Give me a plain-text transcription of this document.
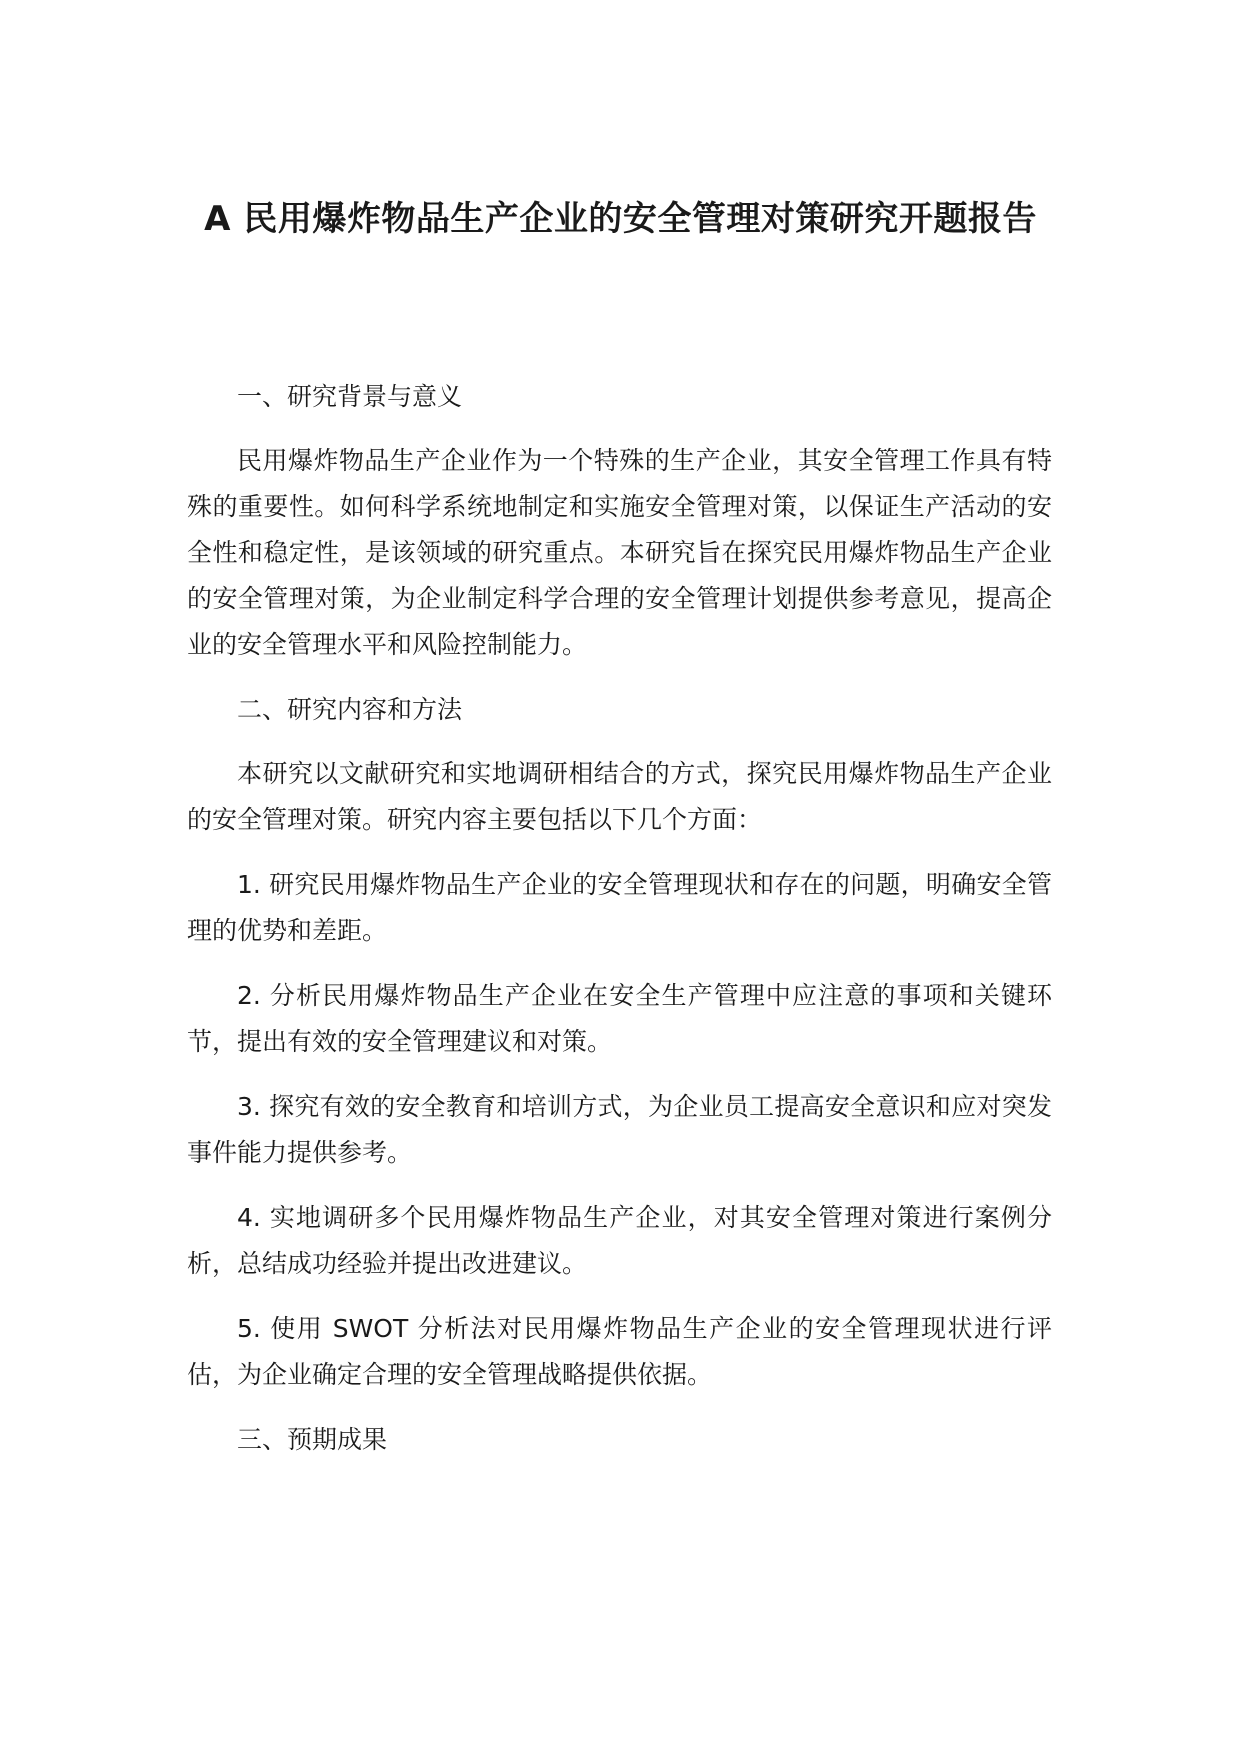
A 民用爆炸物品生产企业的安全管理对策研究开题报告

一、研究背景与意义

民用爆炸物品生产企业作为一个特殊的生产企业，其安全管理工作具有特殊的重要性。如何科学系统地制定和实施安全管理对策，以保证生产活动的安全性和稳定性，是该领域的研究重点。本研究旨在探究民用爆炸物品生产企业的安全管理对策，为企业制定科学合理的安全管理计划提供参考意见，提高企业的安全管理水平和风险控制能力。

二、研究内容和方法

本研究以文献研究和实地调研相结合的方式，探究民用爆炸物品生产企业的安全管理对策。研究内容主要包括以下几个方面：

1. 研究民用爆炸物品生产企业的安全管理现状和存在的问题，明确安全管理的优势和差距。

2. 分析民用爆炸物品生产企业在安全生产管理中应注意的事项和关键环节，提出有效的安全管理建议和对策。

3. 探究有效的安全教育和培训方式，为企业员工提高安全意识和应对突发事件能力提供参考。

4. 实地调研多个民用爆炸物品生产企业，对其安全管理对策进行案例分析，总结成功经验并提出改进建议。

5. 使用 SWOT 分析法对民用爆炸物品生产企业的安全管理现状进行评估，为企业确定合理的安全管理战略提供依据。

三、预期成果
